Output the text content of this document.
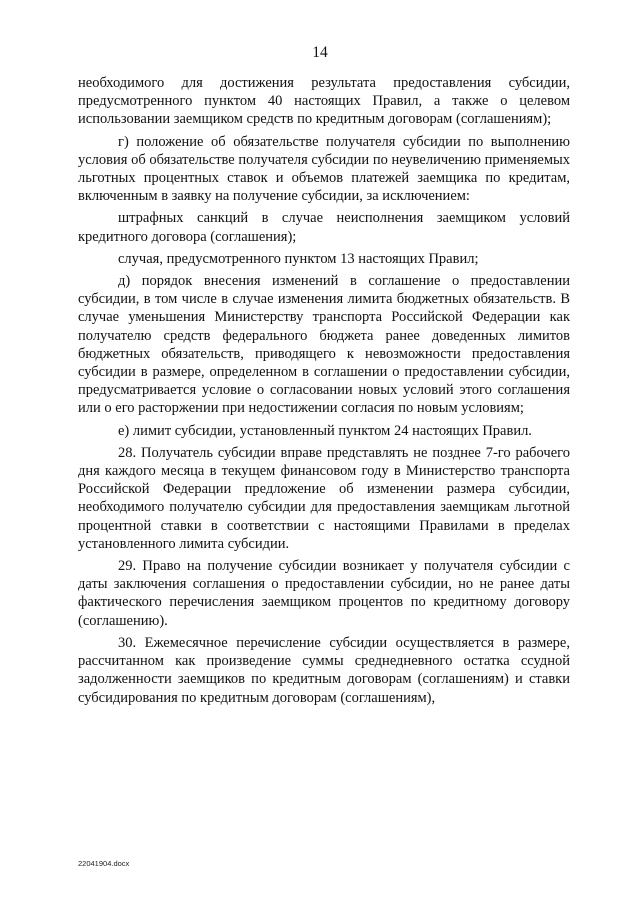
14

необходимого для достижения результата предоставления субсидии, предусмотренного пунктом 40 настоящих Правил, а также о целевом использовании заемщиком средств по кредитным договорам (соглашениям);

г) положение об обязательстве получателя субсидии по выполнению условия об обязательстве получателя субсидии по неувеличению применяемых льготных процентных ставок и объемов платежей заемщика по кредитам, включенным в заявку на получение субсидии, за исключением:

штрафных санкций в случае неисполнения заемщиком условий кредитного договора (соглашения);

случая, предусмотренного пунктом 13 настоящих Правил;

д) порядок внесения изменений в соглашение о предоставлении субсидии, в том числе в случае изменения лимита бюджетных обязательств. В случае уменьшения Министерству транспорта Российской Федерации как получателю средств федерального бюджета ранее доведенных лимитов бюджетных обязательств, приводящего к невозможности предоставления субсидии в размере, определенном в соглашении о предоставлении субсидии, предусматривается условие о согласовании новых условий этого соглашения или о его расторжении при недостижении согласия по новым условиям;

е) лимит субсидии, установленный пунктом 24 настоящих Правил.

28. Получатель субсидии вправе представлять не позднее 7-го рабочего дня каждого месяца в текущем финансовом году в Министерство транспорта Российской Федерации предложение об изменении размера субсидии, необходимого получателю субсидии для предоставления заемщикам льготной процентной ставки в соответствии с настоящими Правилами в пределах установленного лимита субсидии.

29. Право на получение субсидии возникает у получателя субсидии с даты заключения соглашения о предоставлении субсидии, но не ранее даты фактического перечисления заемщиком процентов по кредитному договору (соглашению).

30. Ежемесячное перечисление субсидии осуществляется в размере, рассчитанном как произведение суммы среднедневного остатка ссудной задолженности заемщиков по кредитным договорам (соглашениям) и ставки субсидирования по кредитным договорам (соглашениям),

22041904.docx
